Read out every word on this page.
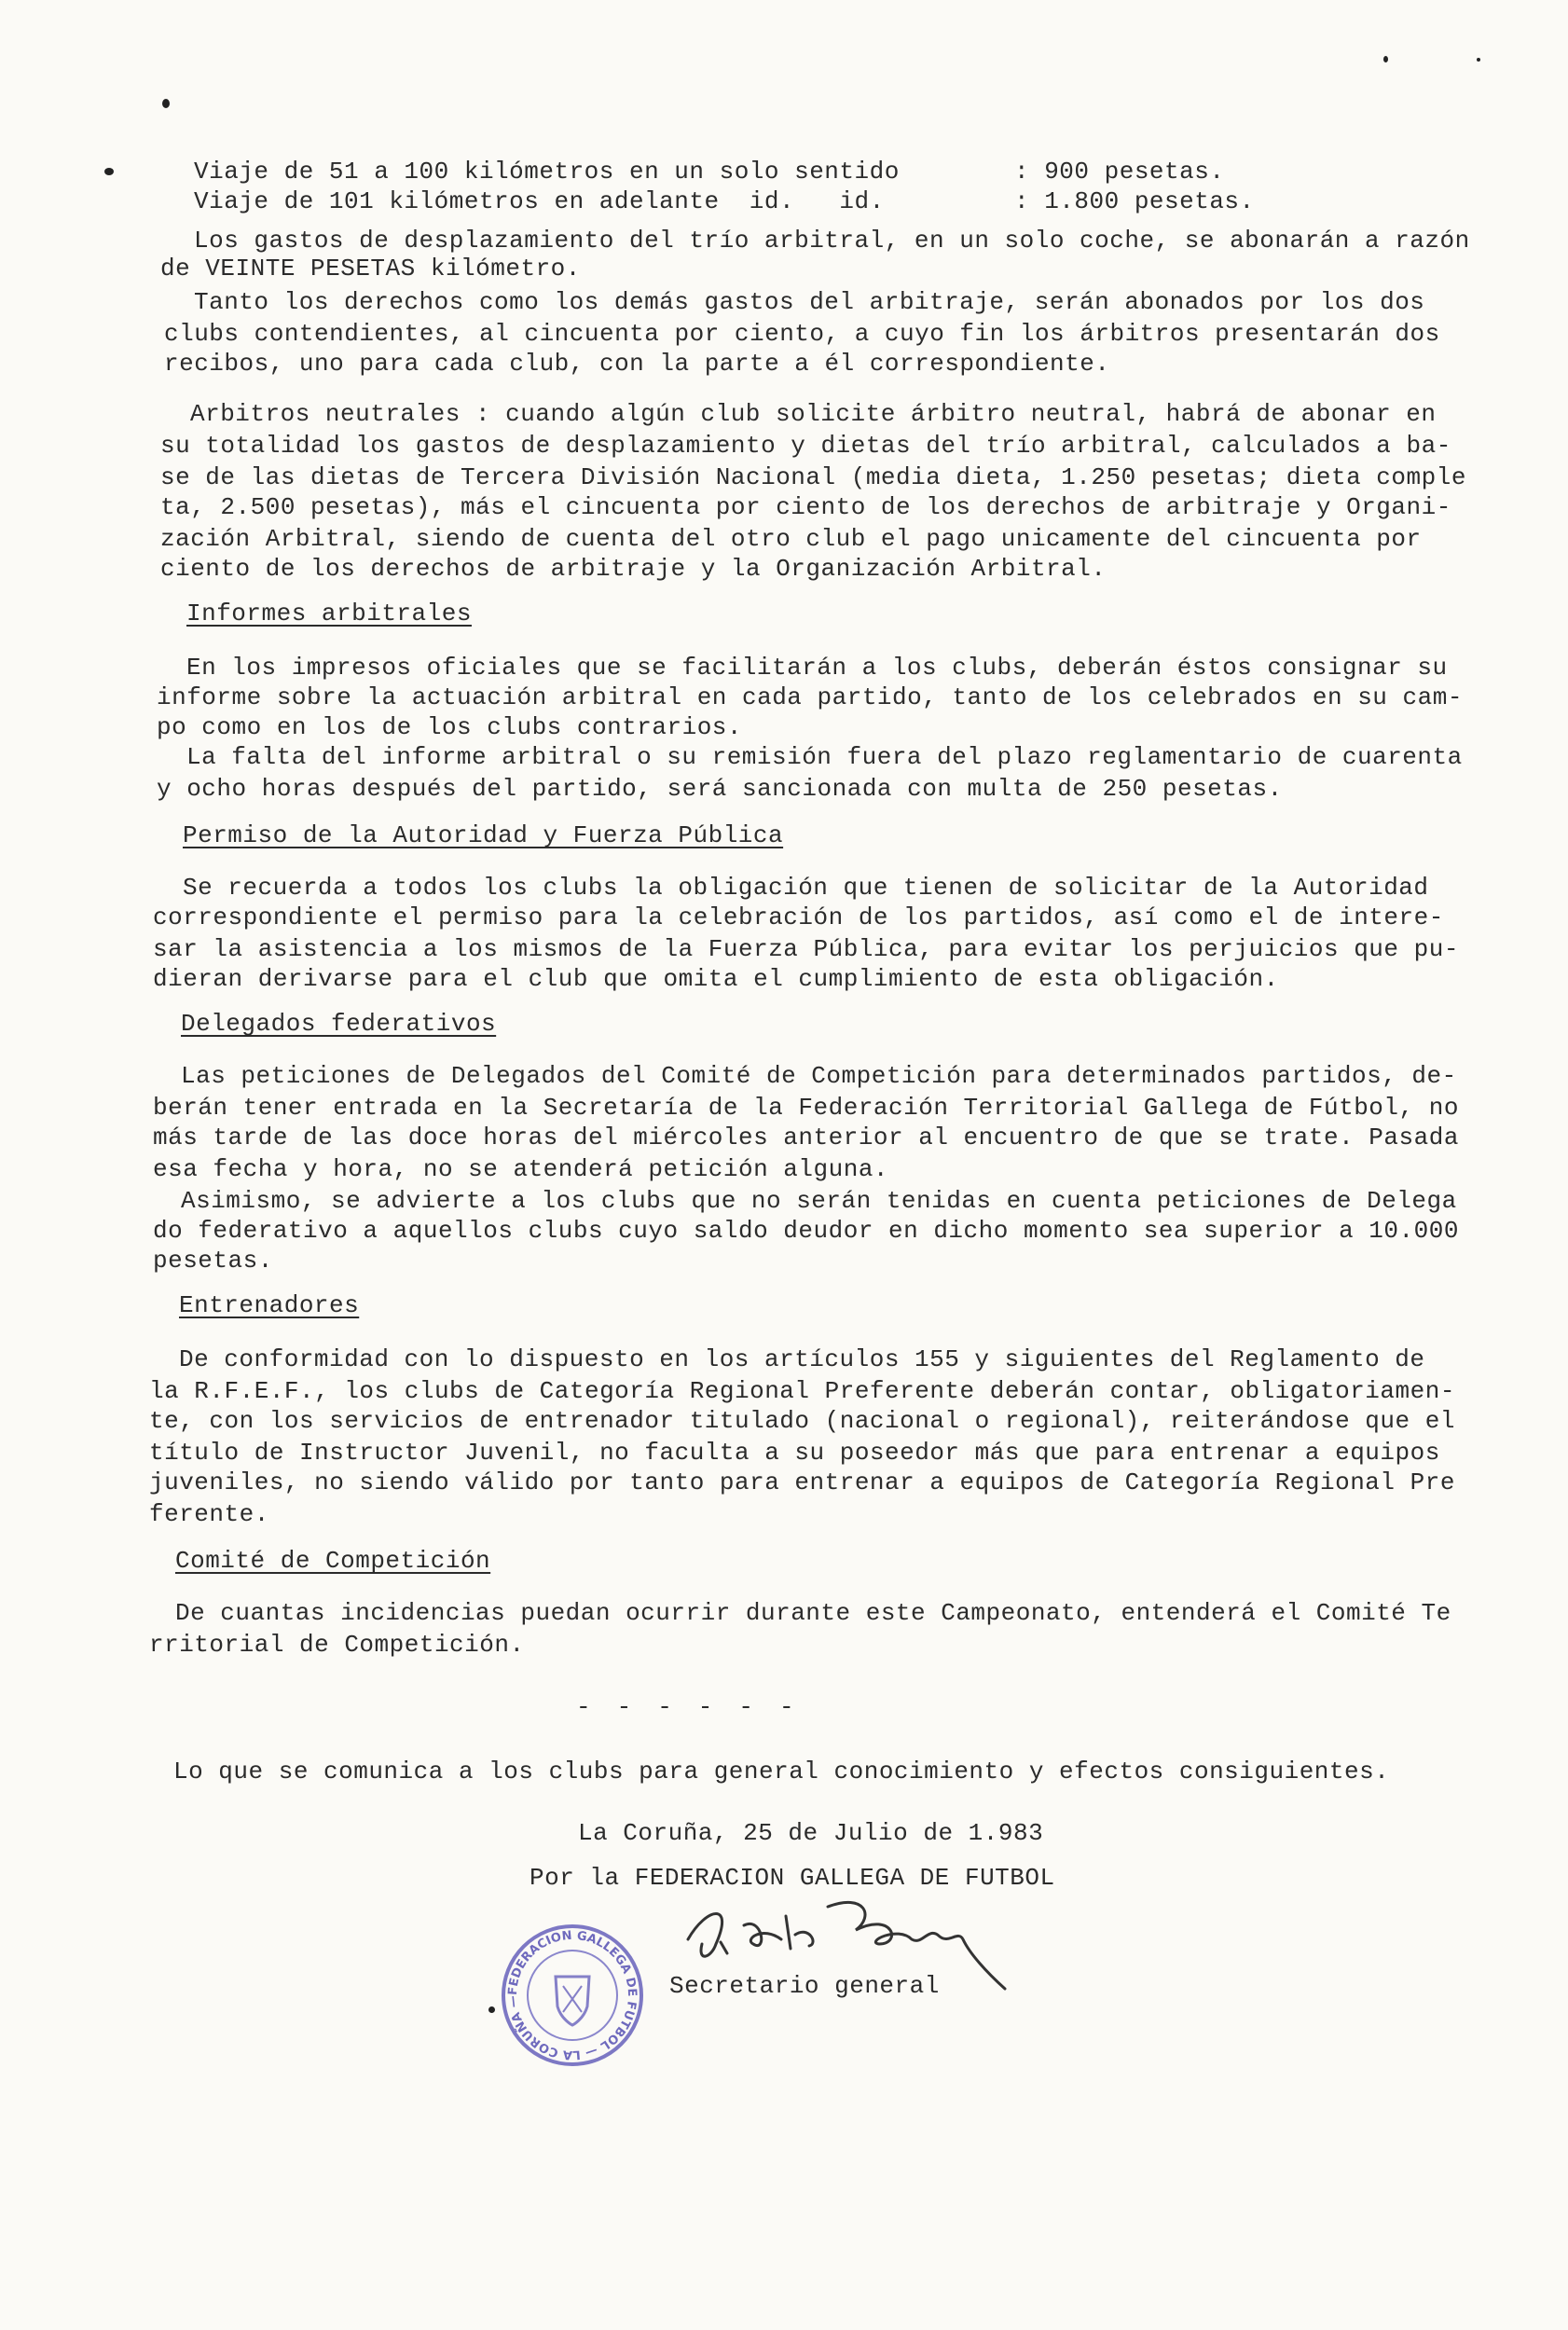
Viaje de 51 a 100 kilómetros en un solo sentido	: 900 pesetas.
Viaje de 101 kilómetros en adelante  id.   id.	: 1.800 pesetas.
Los gastos de desplazamiento del trío arbitral, en un solo coche, se abonarán a razón
de VEINTE PESETAS kilómetro.
Tanto los derechos como los demás gastos del arbitraje, serán abonados por los dos
clubs contendientes, al cincuenta por ciento, a cuyo fin los árbitros presentarán dos
recibos, uno para cada club, con la parte a él correspondiente.
Arbitros neutrales : cuando algún club solicite árbitro neutral, habrá de abonar en
su totalidad los gastos de desplazamiento y dietas del trío arbitral, calculados a ba-
se de las dietas de Tercera División Nacional (media dieta, 1.250 pesetas; dieta comple
ta, 2.500 pesetas), más el cincuenta por ciento de los derechos de arbitraje y Organi-
zación Arbitral, siendo de cuenta del otro club el pago unicamente del cincuenta por
ciento de los derechos de arbitraje y la Organización Arbitral.
Informes arbitrales
En los impresos oficiales que se facilitarán a los clubs, deberán éstos consignar su
informe sobre la actuación arbitral en cada partido, tanto de los celebrados en su cam-
po como en los de los clubs contrarios.
La falta del informe arbitral o su remisión fuera del plazo reglamentario de cuarenta
y ocho horas después del partido, será sancionada con multa de 250 pesetas.
Permiso de la Autoridad y Fuerza Pública
Se recuerda a todos los clubs la obligación que tienen de solicitar de la Autoridad
correspondiente el permiso para la celebración de los partidos, así como el de intere-
sar la asistencia a los mismos de la Fuerza Pública, para evitar los perjuicios que pu-
dieran derivarse para el club que omita el cumplimiento de esta obligación.
Delegados federativos
Las peticiones de Delegados del Comité de Competición para determinados partidos, de-
berán tener entrada en la Secretaría de la Federación Territorial Gallega de Fútbol, no
más tarde de las doce horas del miércoles anterior al encuentro de que se trate. Pasada
esa fecha y hora, no se atenderá petición alguna.
Asimismo, se advierte a los clubs que no serán tenidas en cuenta peticiones de Delega
do federativo a aquellos clubs cuyo saldo deudor en dicho momento sea superior a 10.000
pesetas.
Entrenadores
De conformidad con lo dispuesto en los artículos 155 y siguientes del Reglamento de
la R.F.E.F., los clubs de Categoría Regional Preferente deberán contar, obligatoriamen-
te, con los servicios de entrenador titulado (nacional o regional), reiterándose que el
título de Instructor Juvenil, no faculta a su poseedor más que para entrenar a equipos
juveniles, no siendo válido por tanto para entrenar a equipos de Categoría Regional Pre
ferente.
Comité de Competición
De cuantas incidencias puedan ocurrir durante este Campeonato, entenderá el Comité Te
rritorial de Competición.
------
Lo que se comunica a los clubs para general conocimiento y efectos consiguientes.
La Coruña, 25 de Julio de 1.983
Por la FEDERACION GALLEGA DE FUTBOL
Secretario general
FEDERACION GALLEGA DE FUTBOL — LA CORUÑA —
